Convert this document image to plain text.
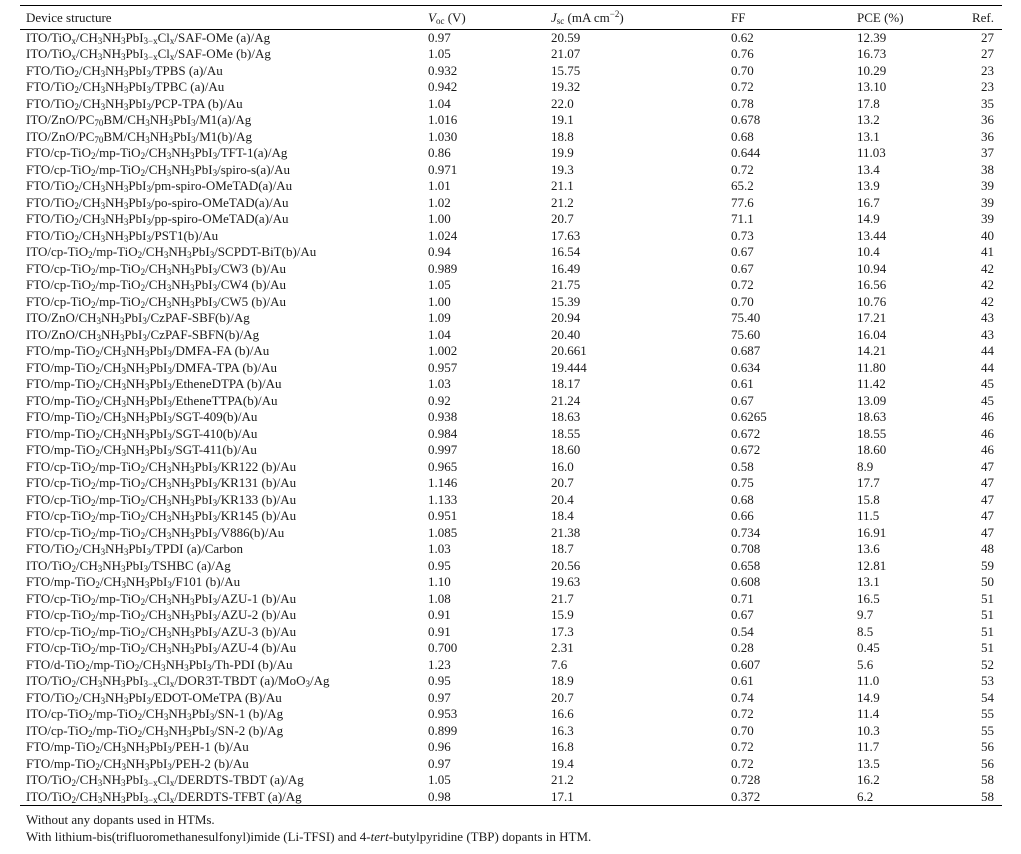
Device structure	$V_{oc}$ (V)	$J_{sc}$ (mA $cm^{-2}$)	FF	PCE (%)	Ref.
ITO/$TiO_x/CH_3NH_3PbI_{3-x}Cl_x/SAF$-OMe (a)/Ag	0.97	20.59	0.62	12.39	27
ITO/$TiO_x/CH_3NH_3PbI_{3-x}Cl_x/SAF$-OMe (b)/Ag	1.05	21.07	0.76	16.73	27
FTO/$TiO_2/CH_3NH_3PbI_3$/TPBS (a)/Au	0.932	15.75	0.70	10.29	23
FTO/$TiO_2/CH_3NH_3PbI_3$/TPBC (a)/Au	0.942	19.32	0.72	13.10	23
FTO/$TiO_2/CH_3NH_3PbI_3/PCP$-TPA (b)/Au	1.04	22.0	0.78	17.8	35
ITO/$ZnO/PC_{70}BM/CH_3NH_3PbI_3/M1(a)/Ag$	1.016	19.1	0.678	13.2	36
ITO/$ZnO/PC_{70}BM/CH_3NH_3PbI_3/M1(b)/Ag$	1.030	18.8	0.68	13.1	36
FTO/$cp-TiO_2/mp-TiO_2/CH_3NH_3PbI_3/TFT-1(a)/Ag$	0.86	19.9	0.644	11.03	37
FTO/$cp-TiO_2/mp-TiO_2/CH_3NH_3PbI_3/spiro-s(a)/Au$	0.971	19.3	0.72	13.4	38
FTO/$TiO_2/CH_3NH_3PbI_3/pm-spiro-OMeTAD(a)/Au$	1.01	21.1	65.2	13.9	39
FTO/$TiO_2/CH_3NH_3PbI_3/po-spiro-OMeTAD(a)/Au$	1.02	21.2	77.6	16.7	39
FTO/$TiO_2/CH_3NH_3PbI_3/pp-spiro-OMeTAD(a)/Au$	1.00	20.7	71.1	14.9	39
FTO/$TiO_2/CH_3NH_3PbI_3/PST1(b)/Au$	1.024	17.63	0.73	13.44	40
ITO/$cp-TiO_2/mp-TiO_2/CH_3NH_3PbI_3/SCPDT-BiT(b)/Au$	0.94	16.54	0.67	10.4	41
FTO/$cp-TiO_2/mp-TiO_2/CH_3NH_3PbI_3/CW3$ (b)/Au	0.989	16.49	0.67	10.94	42
FTO/$cp-TiO_2/mp-TiO_2/CH_3NH_3PbI_3/CW4$ (b)/Au	1.05	21.75	0.72	16.56	42
FTO/$cp-TiO_2/mp-TiO_2/CH_3NH_3PbI_3/CW5$ (b)/Au	1.00	15.39	0.70	10.76	42
ITO/$ZnO/CH_3NH_3PbI_3/CzPAF-SBF(b)/Ag$	1.09	20.94	75.40	17.21	43
ITO/$ZnO/CH_3NH_3PbI_3/CzPAF-SBFN(b)/Ag$	1.04	20.40	75.60	16.04	43
FTO/$mp-TiO_2/CH_3NH_3PbI_3/DMFA-FA$ (b)/Au	1.002	20.661	0.687	14.21	44
FTO/$mp-TiO_2/CH_3NH_3PbI_3/DMFA$-TPA (b)/Au	0.957	19.444	0.634	11.80	44
FTO/$mp-TiO_2/CH_3NH_3PbI_3$/EtheneDTPA (b)/Au	1.03	18.17	0.61	11.42	45
FTO/$mp-TiO_2/CH_3NH_3PbI_3/EtheneTTPA(b)/Au$	0.92	21.24	0.67	13.09	45
FTO/$mp-TiO_2/CH_3NH_3PbI_3/SGT-409(b)/Au$	0.938	18.63	0.6265	18.63	46
FTO/$mp-TiO_2/CH_3NH_3PbI_3/SGT-410(b)/Au$	0.984	18.55	0.672	18.55	46
FTO/$mp-TiO_2/CH_3NH_3PbI_3/SGT-411(b)/Au$	0.997	18.60	0.672	18.60	46
FTO/$cp-TiO_2/mp-TiO_2/CH_3NH_3PbI_3/KR122$ (b)/Au	0.965	16.0	0.58	8.9	47
FTO/$cp-TiO_2/mp-TiO_2/CH_3NH_3PbI_3/KR131$ (b)/Au	1.146	20.7	0.75	17.7	47
FTO/$cp-TiO_2/mp-TiO_2/CH_3NH_3PbI_3/KR133$ (b)/Au	1.133	20.4	0.68	15.8	47
FTO/$cp-TiO_2/mp-TiO_2/CH_3NH_3PbI_3/KR145$ (b)/Au	0.951	18.4	0.66	11.5	47
FTO/$cp-TiO_2/mp-TiO_2/CH_3NH_3PbI_3/V886(b)/Au$	1.085	21.38	0.734	16.91	47
FTO/$TiO_2/CH_3NH_3PbI_3$/TPDI (a)/Carbon	1.03	18.7	0.708	13.6	48
ITO/$TiO_2/CH_3NH_3PbI_3$/TSHBC (a)/Ag	0.95	20.56	0.658	12.81	59
FTO/$mp-TiO_2/CH_3NH_3PbI_3/F101$ (b)/Au	1.10	19.63	0.608	13.1	50
FTO/$cp-TiO_2/mp-TiO_2/CH_3NH_3PbI_3/AZU-1$ (b)/Au	1.08	21.7	0.71	16.5	51
FTO/$cp-TiO_2/mp-TiO_2/CH_3NH_3PbI_3/AZU-2$ (b)/Au	0.91	15.9	0.67	9.7	51
FTO/$cp-TiO_2/mp-TiO_2/CH_3NH_3PbI_3/AZU-3$ (b)/Au	0.91	17.3	0.54	8.5	51
FTO/$cp-TiO_2/mp-TiO_2/CH_3NH_3PbI_3/AZU-4$ (b)/Au	0.700	2.31	0.28	0.45	51
FTO/$d-TiO_2/mp-TiO_2/CH_3NH_3PbI_3/Th$-PDI (b)/Au	1.23	7.6	0.607	5.6	52
ITO/$TiO_2/CH_3NH_3PbI_{3-x}Cl_x/DOR3T$-TBDT (a)/MoO$_3$/Ag	0.95	18.9	0.61	11.0	53
FTO/$TiO_2/CH_3NH_3PbI_3/EDOT$-OMeTPA (B)/Au	0.97	20.7	0.74	14.9	54
ITO/$cp-TiO_2/mp-TiO_2/CH_3NH_3PbI_3/SN-1$ (b)/Ag	0.953	16.6	0.72	11.4	55
ITO/$cp-TiO_2/mp-TiO_2/CH_3NH_3PbI_3/SN-2$ (b)/Ag	0.899	16.3	0.70	10.3	55
FTO/$mp-TiO_2/CH_3NH_3PbI_3/PEH-1$ (b)/Au	0.96	16.8	0.72	11.7	56
FTO/$mp-TiO_2/CH_3NH_3PbI_3/PEH-2$ (b)/Au	0.97	19.4	0.72	13.5	56
ITO/$TiO_2/CH_3NH_3PbI_{3-x}Cl_x/DERDTS$-TBDT (a)/Ag	1.05	21.2	0.728	16.2	58
ITO/$TiO_2/CH_3NH_3PbI_{3-x}Cl_x/DERDTS$-TFBT (a)/Ag	0.98	17.1	0.372	6.2	58
Without any dopants used in HTMs.
With lithium-bis(trifluoromethanesulfonyl)imide (Li-TFSI) and 4-tert-butylpyridine (TBP) dopants in HTM.
